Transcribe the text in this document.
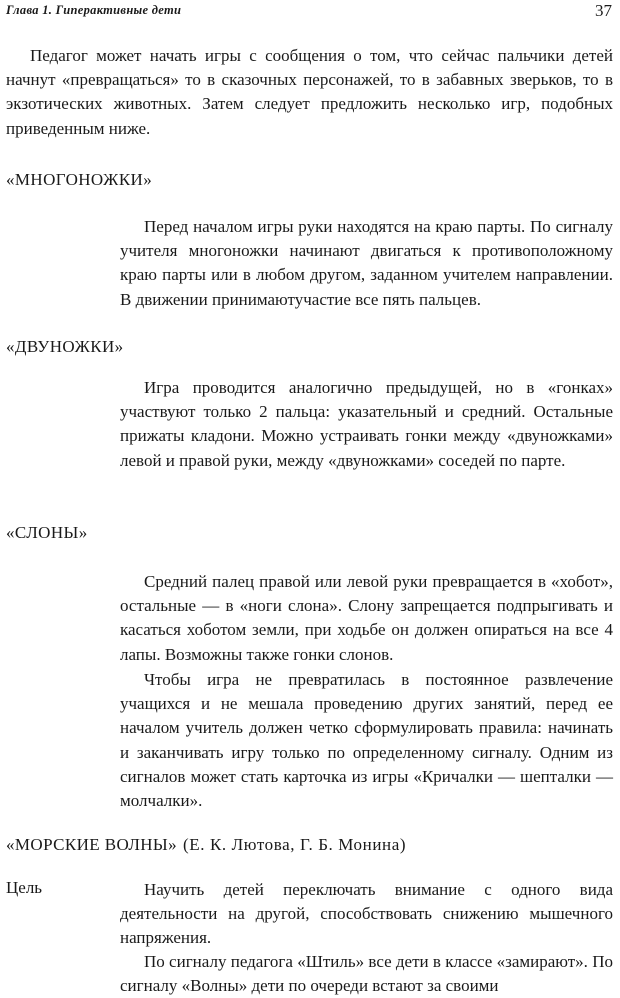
Глава 1. Гиперактивные дети	37

Педагог может начать игры с сообщения о том, что сейчас пальчики детей начнут «превращаться» то в сказочных персонажей, то в забавных зверьков, то в экзотических животных. Затем следует предложить несколько игр, подобных приведенным ниже.

«МНОГОНОЖКИ»

Перед началом игры руки находятся на краю парты. По сигналу учителя многоножки начинают двигаться к противоположному краю парты или в любом другом, заданном учителем направлении. В движении принимаютучастие все пять пальцев.

«ДВУНОЖКИ»

Игра проводится аналогично предыдущей, но в «гонках» участвуют только 2 пальца: указательный и средний. Остальные прижаты кладони. Можно устраивать гонки между «двуножками» левой и правой руки, между «двуножками» соседей по парте.

«СЛОНЫ»

Средний палец правой или левой руки превращается в «хобот», остальные — в «ноги слона». Слону запрещается подпрыгивать и касаться хоботом земли, при ходьбе он должен опираться на все 4 лапы. Возможны также гонки слонов.

Чтобы игра не превратилась в постоянное развлечение учащихся и не мешала проведению других занятий, перед ее началом учитель должен четко сформулировать правила: начинать и заканчивать игру только по определенному сигналу. Одним из сигналов может стать карточка из игры «Кричалки — шепталки — молчалки».

«МОРСКИЕ ВОЛНЫ» (Е. К. Лютова, Г. Б. Монина)
Цель	Научить детей переключать внимание с одного вида деятельности на другой, способствовать снижению мышечного напряжения.

По сигналу педагога «Штиль» все дети в классе «замирают». По сигналу «Волны» дети по очереди встают за своими
